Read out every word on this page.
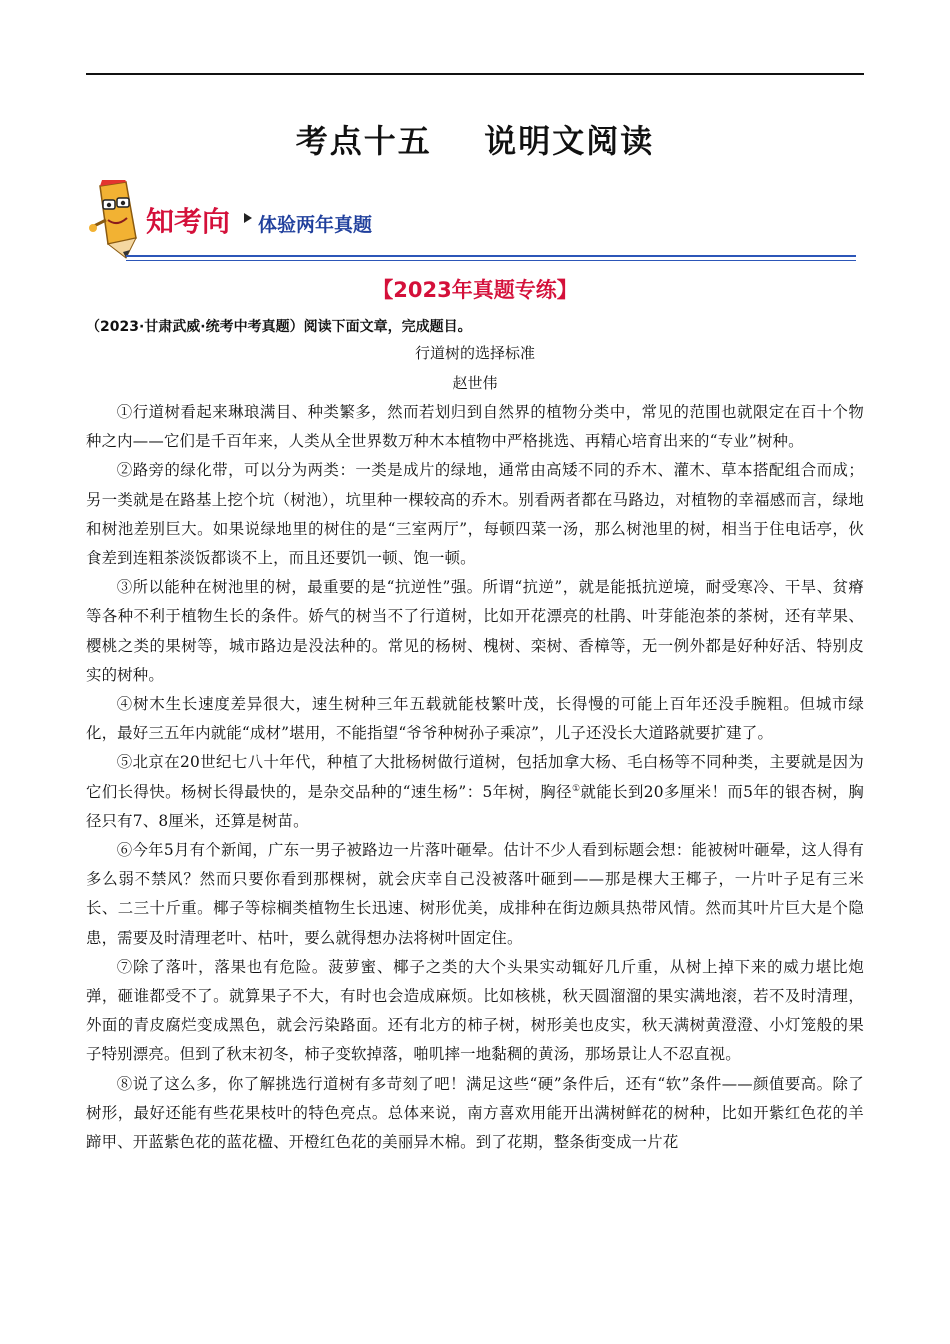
考点十五    说明文阅读
知考向 体验两年真题
【2023年真题专练】
（2023·甘肃武威·统考中考真题）阅读下面文章，完成题目。
行道树的选择标准
赵世伟

①行道树看起来琳琅满目、种类繁多，然而若划归到自然界的植物分类中，常见的范围也就限定在百十个物种之内——它们是千百年来，人类从全世界数万种木本植物中严格挑选、再精心培育出来的“专业”树种。

②路旁的绿化带，可以分为两类：一类是成片的绿地，通常由高矮不同的乔木、灌木、草本搭配组合而成；另一类就是在路基上挖个坑（树池），坑里种一棵较高的乔木。别看两者都在马路边，对植物的幸福感而言，绿地和树池差别巨大。如果说绿地里的树住的是“三室两厅”，每顿四菜一汤，那么树池里的树，相当于住电话亭，伙食差到连粗茶淡饭都谈不上，而且还要饥一顿、饱一顿。

③所以能种在树池里的树，最重要的是“抗逆性”强。所谓“抗逆”，就是能抵抗逆境，耐受寒冷、干旱、贫瘠等各种不利于植物生长的条件。娇气的树当不了行道树，比如开花漂亮的杜鹃、叶芽能泡茶的茶树，还有苹果、樱桃之类的果树等，城市路边是没法种的。常见的杨树、槐树、栾树、香樟等，无一例外都是好种好活、特别皮实的树种。

④树木生长速度差异很大，速生树种三年五载就能枝繁叶茂，长得慢的可能上百年还没手腕粗。但城市绿化，最好三五年内就能“成材”堪用，不能指望“爷爷种树孙子乘凉”，儿子还没长大道路就要扩建了。

⑤北京在20世纪七八十年代，种植了大批杨树做行道树，包括加拿大杨、毛白杨等不同种类，主要就是因为它们长得快。杨树长得最快的，是杂交品种的“速生杨”：5年树，胸径①就能长到20多厘米！而5年的银杏树，胸径只有7、8厘米，还算是树苗。

⑥今年5月有个新闻，广东一男子被路边一片落叶砸晕。估计不少人看到标题会想：能被树叶砸晕，这人得有多么弱不禁风？然而只要你看到那棵树，就会庆幸自己没被落叶砸到——那是棵大王椰子，一片叶子足有三米长、二三十斤重。椰子等棕榈类植物生长迅速、树形优美，成排种在街边颇具热带风情。然而其叶片巨大是个隐患，需要及时清理老叶、枯叶，要么就得想办法将树叶固定住。

⑦除了落叶，落果也有危险。菠萝蜜、椰子之类的大个头果实动辄好几斤重，从树上掉下来的威力堪比炮弹，砸谁都受不了。就算果子不大，有时也会造成麻烦。比如核桃，秋天圆溜溜的果实满地滚，若不及时清理，外面的青皮腐烂变成黑色，就会污染路面。还有北方的柿子树，树形美也皮实，秋天满树黄澄澄、小灯笼般的果子特别漂亮。但到了秋末初冬，柿子变软掉落，啪叽摔一地黏稠的黄汤，那场景让人不忍直视。

⑧说了这么多，你了解挑选行道树有多苛刻了吧！满足这些“硬”条件后，还有“软”条件——颜值要高。除了树形，最好还能有些花果枝叶的特色亮点。总体来说，南方喜欢用能开出满树鲜花的树种，比如开紫红色花的羊蹄甲、开蓝紫色花的蓝花楹、开橙红色花的美丽异木棉。到了花期，整条街变成一片花
